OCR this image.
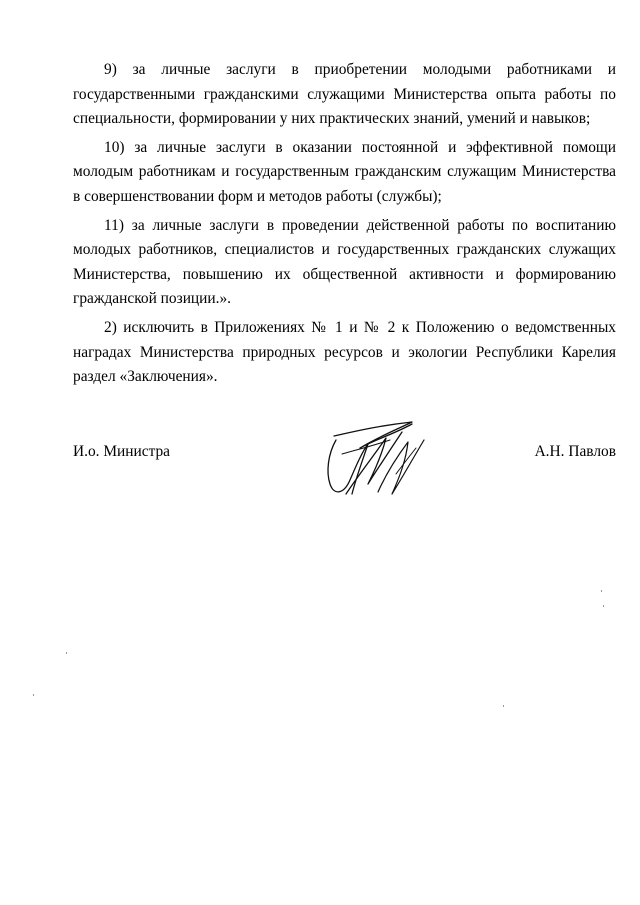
9) за личные заслуги в приобретении молодыми работниками и государственными гражданскими служащими Министерства опыта работы по специальности, формировании у них практических знаний, умений и навыков;

10) за личные заслуги в оказании постоянной и эффективной помощи молодым работникам и государственным гражданским служащим Министерства в совершенствовании форм и методов работы (службы);

11) за личные заслуги в проведении действенной работы по воспитанию молодых работников, специалистов и государственных гражданских служащих Министерства, повышению их общественной активности и формированию гражданской позиции.».

2) исключить в Приложениях № 1 и № 2 к Положению о ведомственных наградах Министерства природных ресурсов и экологии Республики Карелия раздел «Заключения».

И.о. Министра	А.Н. Павлов
